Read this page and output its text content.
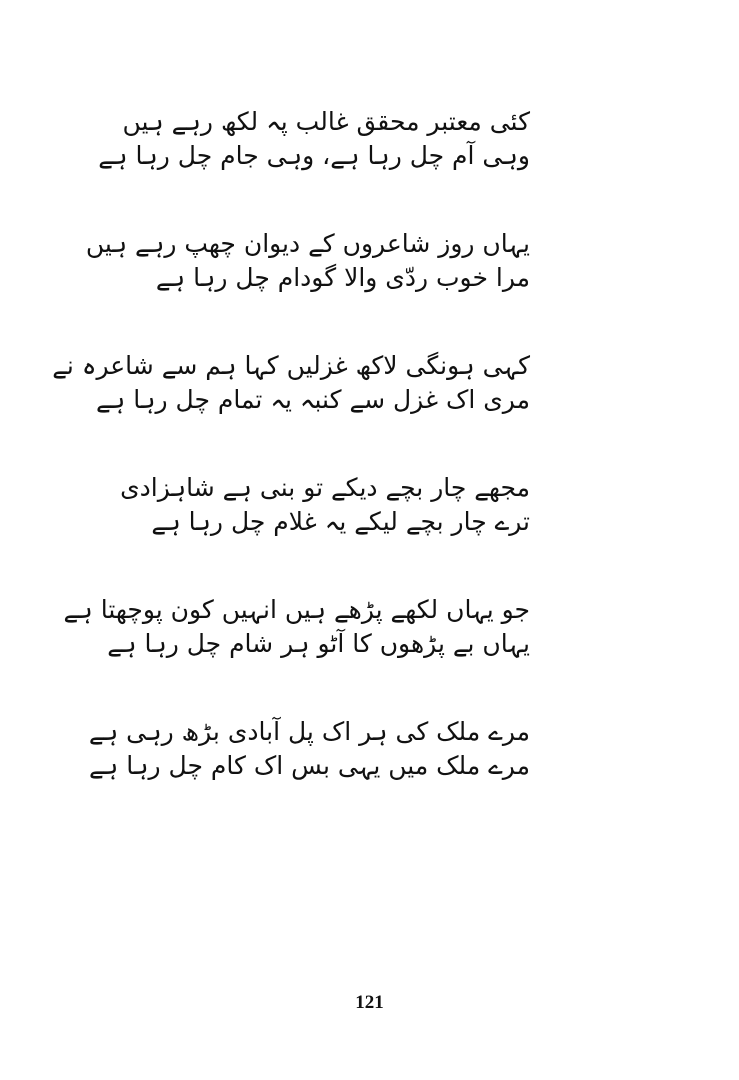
کئی معتبر محقق غالب پہ لکھ رہے ہیں
وہی آم چل رہا ہے، وہی جام چل رہا ہے
یہاں روز شاعروں کے دیوان چھپ رہے ہیں
مرا خوب ردّی والا گودام چل رہا ہے
کہی ہونگی لاکھ غزلیں کہا ہم سے شاعرہ نے
مری اک غزل سے کنبہ یہ تمام چل رہا ہے
مجھے چار بچے دیکے تو بنی ہے شاہزادی
ترے چار بچے لیکے یہ غلام چل رہا ہے
جو یہاں لکھے پڑھے ہیں انہیں کون پوچھتا ہے
یہاں بے پڑھوں کا آٹو ہر شام چل رہا ہے
مرے ملک کی ہر اک پل آبادی بڑھ رہی ہے
مرے ملک میں یہی بس اک کام چل رہا ہے
121
